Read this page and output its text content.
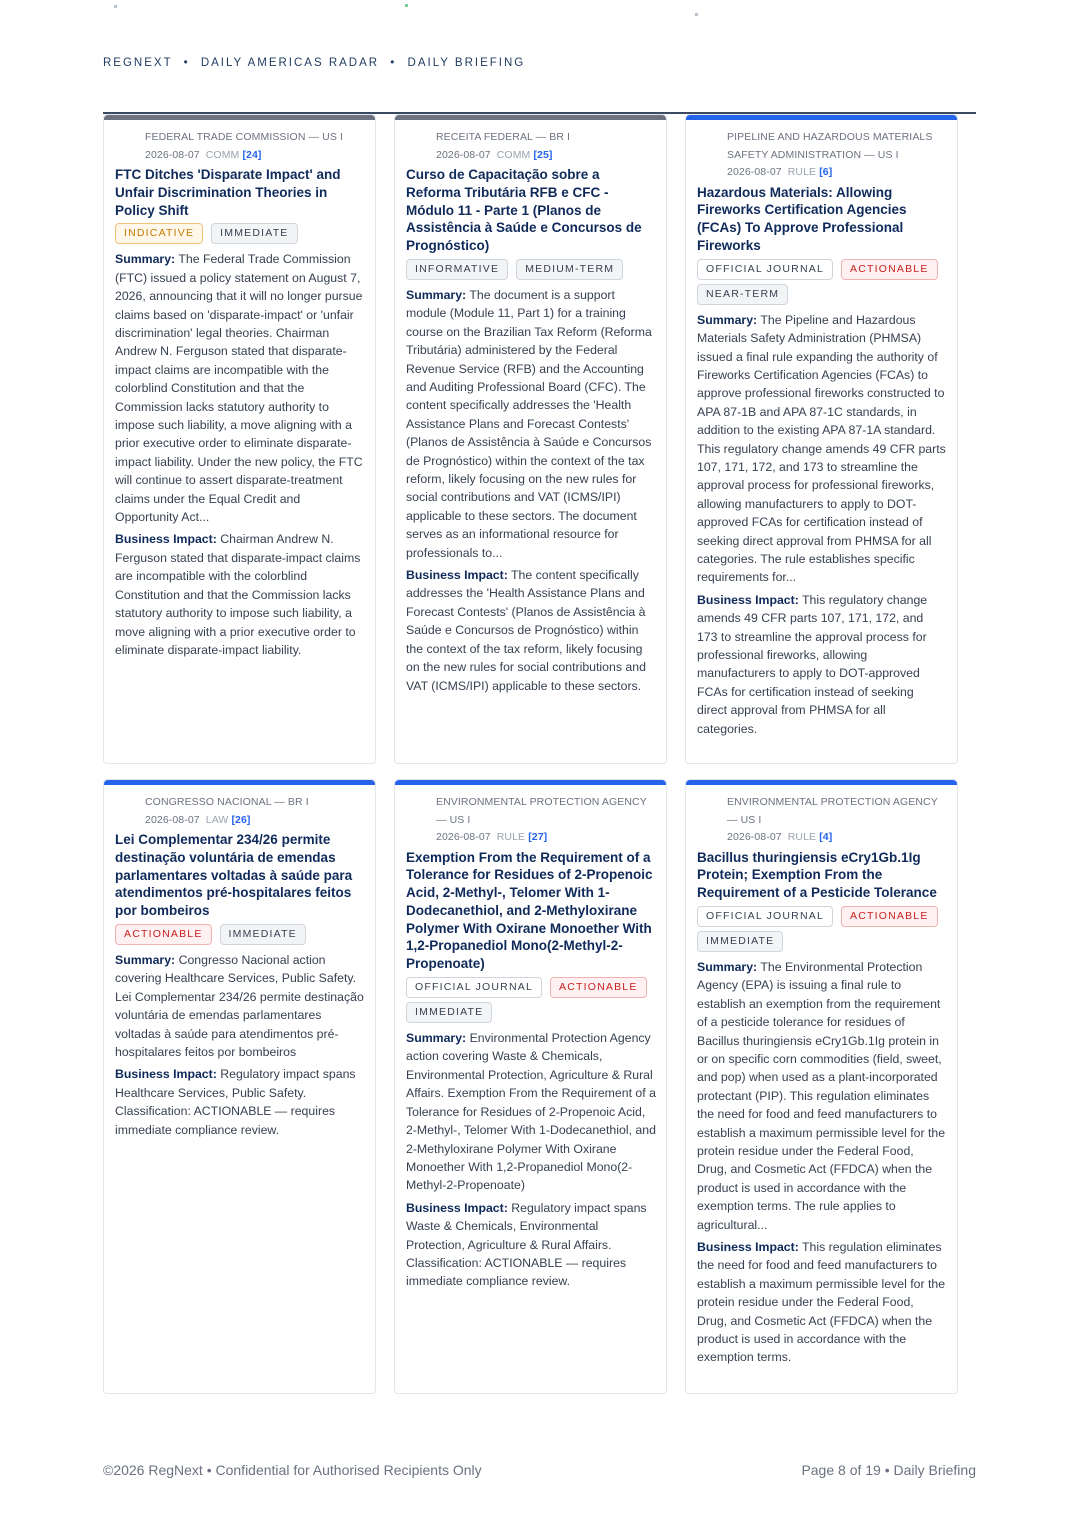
REGNEXT • DAILY AMERICAS RADAR • DAILY BRIEFING
FEDERAL TRADE COMMISSION — US I
2026-08-07 COMM [24]
FTC Ditches 'Disparate Impact' and Unfair Discrimination Theories in Policy Shift
INDICATIVE	IMMEDIATE
Summary: The Federal Trade Commission (FTC) issued a policy statement on August 7, 2026, announcing that it will no longer pursue claims based on 'disparate-impact' or 'unfair discrimination' legal theories. Chairman Andrew N. Ferguson stated that disparate-impact claims are incompatible with the colorblind Constitution and that the Commission lacks statutory authority to impose such liability, a move aligning with a prior executive order to eliminate disparate-impact liability. Under the new policy, the FTC will continue to assert disparate-treatment claims under the Equal Credit and Opportunity Act...
Business Impact: Chairman Andrew N. Ferguson stated that disparate-impact claims are incompatible with the colorblind Constitution and that the Commission lacks statutory authority to impose such liability, a move aligning with a prior executive order to eliminate disparate-impact liability.
RECEITA FEDERAL — BR I
2026-08-07 COMM [25]
Curso de Capacitação sobre a Reforma Tributária RFB e CFC - Módulo 11 - Parte 1 (Planos de Assistência à Saúde e Concursos de Prognóstico)
INFORMATIVE	MEDIUM-TERM
Summary: The document is a support module (Module 11, Part 1) for a training course on the Brazilian Tax Reform (Reforma Tributária) administered by the Federal Revenue Service (RFB) and the Accounting and Auditing Professional Board (CFC). The content specifically addresses the 'Health Assistance Plans and Forecast Contests' (Planos de Assistência à Saúde e Concursos de Prognóstico) within the context of the tax reform, likely focusing on the new rules for social contributions and VAT (ICMS/IPI) applicable to these sectors. The document serves as an informational resource for professionals to...
Business Impact: The content specifically addresses the 'Health Assistance Plans and Forecast Contests' (Planos de Assistência à Saúde e Concursos de Prognóstico) within the context of the tax reform, likely focusing on the new rules for social contributions and VAT (ICMS/IPI) applicable to these sectors.
PIPELINE AND HAZARDOUS MATERIALS SAFETY ADMINISTRATION — US I
2026-08-07 RULE [6]
Hazardous Materials: Allowing Fireworks Certification Agencies (FCAs) To Approve Professional Fireworks
OFFICIAL JOURNAL	ACTIONABLE
NEAR-TERM
Summary: The Pipeline and Hazardous Materials Safety Administration (PHMSA) issued a final rule expanding the authority of Fireworks Certification Agencies (FCAs) to approve professional fireworks constructed to APA 87-1B and APA 87-1C standards, in addition to the existing APA 87-1A standard. This regulatory change amends 49 CFR parts 107, 171, 172, and 173 to streamline the approval process for professional fireworks, allowing manufacturers to apply to DOT-approved FCAs for certification instead of seeking direct approval from PHMSA for all categories. The rule establishes specific requirements for...
Business Impact: This regulatory change amends 49 CFR parts 107, 171, 172, and 173 to streamline the approval process for professional fireworks, allowing manufacturers to apply to DOT-approved FCAs for certification instead of seeking direct approval from PHMSA for all categories.
CONGRESSO NACIONAL — BR I
2026-08-07 LAW [26]
Lei Complementar 234/26 permite destinação voluntária de emendas parlamentares voltadas à saúde para atendimentos pré-hospitalares feitos por bombeiros
ACTIONABLE	IMMEDIATE
Summary: Congresso Nacional action covering Healthcare Services, Public Safety. Lei Complementar 234/26 permite destinação voluntária de emendas parlamentares voltadas à saúde para atendimentos pré-hospitalares feitos por bombeiros
Business Impact: Regulatory impact spans Healthcare Services, Public Safety. Classification: ACTIONABLE — requires immediate compliance review.
ENVIRONMENTAL PROTECTION AGENCY — US I
2026-08-07 RULE [27]
Exemption From the Requirement of a Tolerance for Residues of 2-Propenoic Acid, 2-Methyl-, Telomer With 1-Dodecanethiol, and 2-Methyloxirane Polymer With Oxirane Monoether With 1,2-Propanediol Mono(2-Methyl-2-Propenoate)
OFFICIAL JOURNAL	ACTIONABLE
IMMEDIATE
Summary: Environmental Protection Agency action covering Waste & Chemicals, Environmental Protection, Agriculture & Rural Affairs. Exemption From the Requirement of a Tolerance for Residues of 2-Propenoic Acid, 2-Methyl-, Telomer With 1-Dodecanethiol, and 2-Methyloxirane Polymer With Oxirane Monoether With 1,2-Propanediol Mono(2-Methyl-2-Propenoate)
Business Impact: Regulatory impact spans Waste & Chemicals, Environmental Protection, Agriculture & Rural Affairs. Classification: ACTIONABLE — requires immediate compliance review.
ENVIRONMENTAL PROTECTION AGENCY — US I
2026-08-07 RULE [4]
Bacillus thuringiensis eCry1Gb.1Ig Protein; Exemption From the Requirement of a Pesticide Tolerance
OFFICIAL JOURNAL	ACTIONABLE
IMMEDIATE
Summary: The Environmental Protection Agency (EPA) is issuing a final rule to establish an exemption from the requirement of a pesticide tolerance for residues of Bacillus thuringiensis eCry1Gb.1Ig protein in or on specific corn commodities (field, sweet, and pop) when used as a plant-incorporated protectant (PIP). This regulation eliminates the need for food and feed manufacturers to establish a maximum permissible level for the protein residue under the Federal Food, Drug, and Cosmetic Act (FFDCA) when the product is used in accordance with the exemption terms. The rule applies to agricultural...
Business Impact: This regulation eliminates the need for food and feed manufacturers to establish a maximum permissible level for the protein residue under the Federal Food, Drug, and Cosmetic Act (FFDCA) when the product is used in accordance with the exemption terms.
©2026 RegNext • Confidential for Authorised Recipients Only	Page 8 of 19 • Daily Briefing
